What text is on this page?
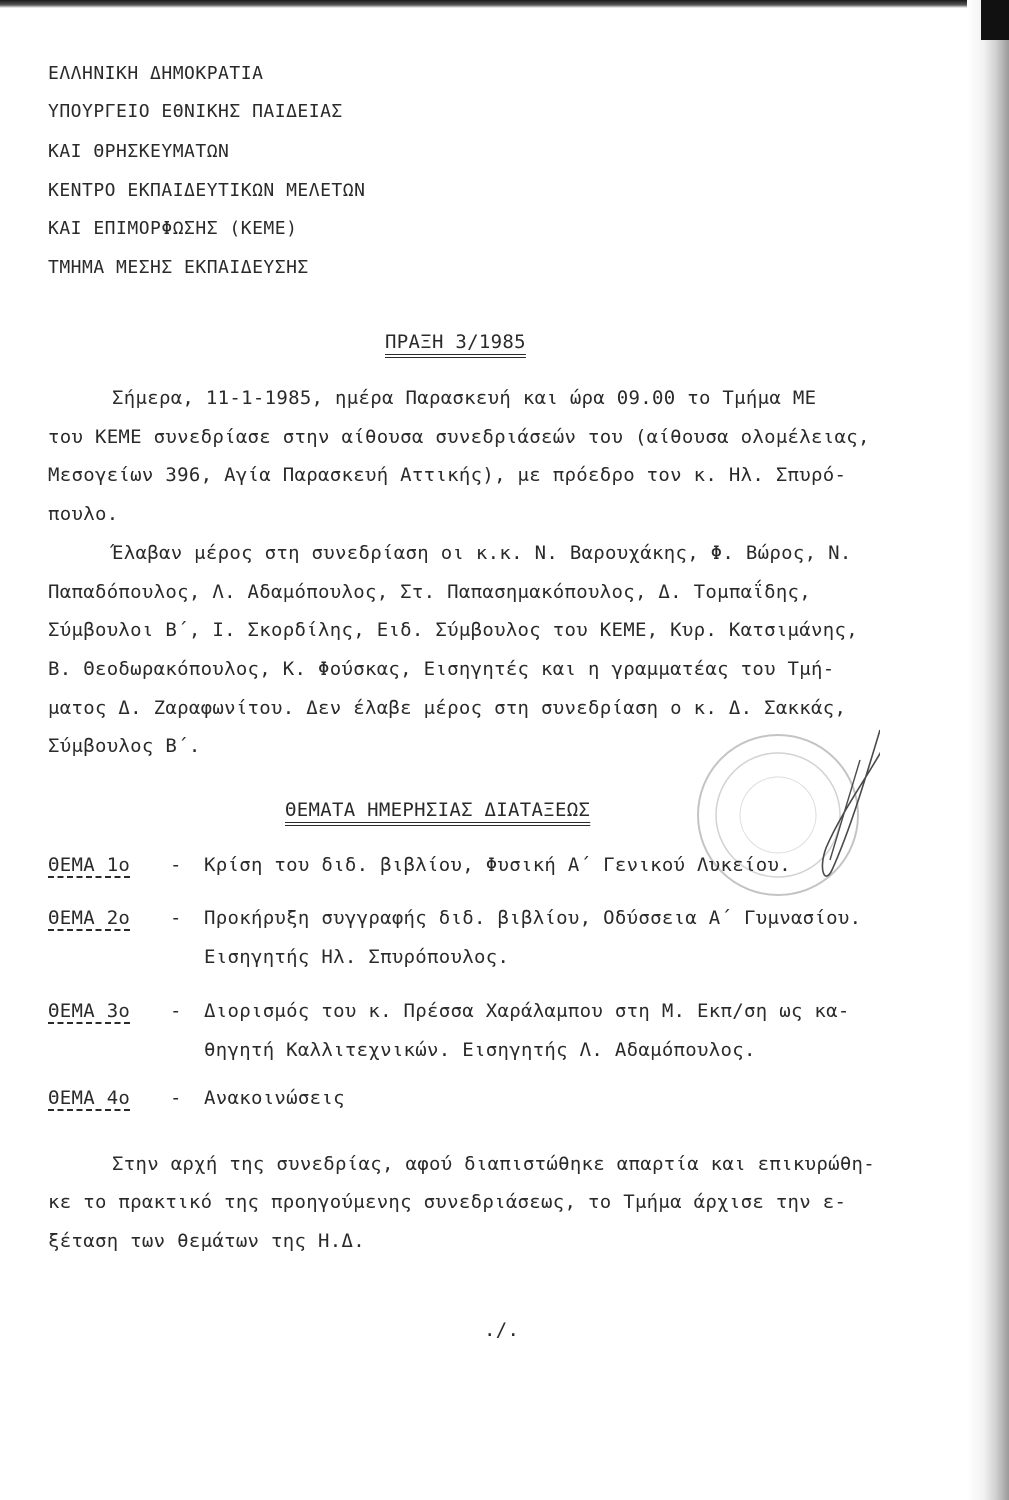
ΕΛΛΗΝΙΚΗ ΔΗΜΟΚΡΑΤΙΑ
ΥΠΟΥΡΓΕΙΟ ΕΘΝΙΚΗΣ ΠΑΙΔΕΙΑΣ
ΚΑΙ ΘΡΗΣΚΕΥΜΑΤΩΝ
ΚΕΝΤΡΟ ΕΚΠΑΙΔΕΥΤΙΚΩΝ ΜΕΛΕΤΩΝ
ΚΑΙ ΕΠΙΜΟΡΦΩΣΗΣ (ΚΕΜΕ)
ΤΜΗΜΑ ΜΕΣΗΣ ΕΚΠΑΙΔΕΥΣΗΣ
ΠΡΑΞΗ 3/1985
Σήμερα, 11-1-1985, ημέρα Παρασκευή και ώρα 09.00 το Τμήμα ΜΕ
του ΚΕΜΕ συνεδρίασε στην αίθουσα συνεδριάσεών του (αίθουσα ολομέλειας,
Μεσογείων 396, Αγία Παρασκευή Αττικής), με πρόεδρο τον κ. Ηλ. Σπυρό-
πουλο.
Έλαβαν μέρος στη συνεδρίαση οι κ.κ. Ν. Βαρουχάκης, Φ. Βώρος, Ν.
Παπαδόπουλος, Λ. Αδαμόπουλος, Στ. Παπασημακόπουλος, Δ. Τομπαΐδης,
Σύμβουλοι Β΄, Ι. Σκορδίλης, Ειδ. Σύμβουλος του ΚΕΜΕ, Κυρ. Κατσιμάνης,
Β. Θεοδωρακόπουλος, Κ. Φούσκας, Εισηγητές και η γραμματέας του Τμή-
ματος Δ. Ζαραφωνίτου. Δεν έλαβε μέρος στη συνεδρίαση ο κ. Δ. Σακκάς,
Σύμβουλος Β΄.
ΘΕΜΑΤΑ ΗΜΕΡΗΣΙΑΣ ΔΙΑΤΑΞΕΩΣ
ΘΕΜΑ 1ο - Κρίση του διδ. βιβλίου, Φυσική Α΄ Γενικού Λυκείου.
ΘΕΜΑ 2ο - Προκήρυξη συγγραφής διδ. βιβλίου, Οδύσσεια Α΄ Γυμνασίου.
Εισηγητής Ηλ. Σπυρόπουλος.
ΘΕΜΑ 3ο - Διορισμός του κ. Πρέσσα Χαράλαμπου στη Μ. Εκπ/ση ως κα-
θηγητή Καλλιτεχνικών. Εισηγητής Λ. Αδαμόπουλος.
ΘΕΜΑ 4ο - Ανακοινώσεις
Στην αρχή της συνεδρίας, αφού διαπιστώθηκε απαρτία και επικυρώθη-
κε το πρακτικό της προηγούμενης συνεδριάσεως, το Τμήμα άρχισε την ε-
ξέταση των θεμάτων της Η.Δ.
./.
